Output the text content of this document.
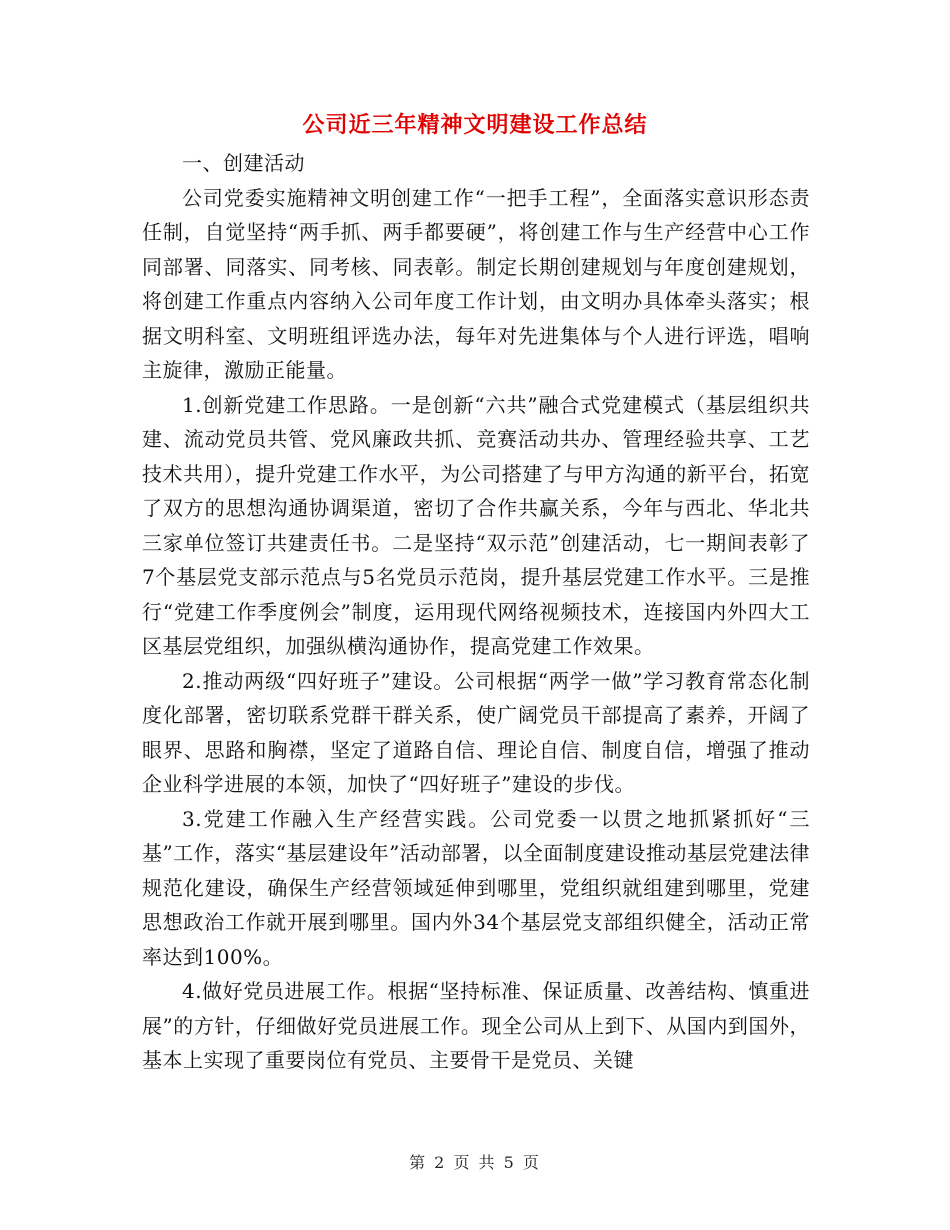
公司近三年精神文明建设工作总结

一、创建活动

公司党委实施精神文明创建工作“一把手工程”，全面落实意识形态责任制，自觉坚持“两手抓、两手都要硬”，将创建工作与生产经营中心工作同部署、同落实、同考核、同表彰。制定长期创建规划与年度创建规划，将创建工作重点内容纳入公司年度工作计划，由文明办具体牵头落实；根据文明科室、文明班组评选办法，每年对先进集体与个人进行评选，唱响主旋律，激励正能量。

1.创新党建工作思路。一是创新“六共”融合式党建模式（基层组织共建、流动党员共管、党风廉政共抓、竞赛活动共办、管理经验共享、工艺技术共用），提升党建工作水平，为公司搭建了与甲方沟通的新平台，拓宽了双方的思想沟通协调渠道，密切了合作共赢关系，今年与西北、华北共三家单位签订共建责任书。二是坚持“双示范”创建活动，七一期间表彰了7个基层党支部示范点与5名党员示范岗，提升基层党建工作水平。三是推行“党建工作季度例会”制度，运用现代网络视频技术，连接国内外四大工区基层党组织，加强纵横沟通协作，提高党建工作效果。

2.推动两级“四好班子”建设。公司根据“两学一做”学习教育常态化制度化部署，密切联系党群干群关系，使广阔党员干部提高了素养，开阔了眼界、思路和胸襟，坚定了道路自信、理论自信、制度自信，增强了推动企业科学进展的本领，加快了“四好班子”建设的步伐。

3.党建工作融入生产经营实践。公司党委一以贯之地抓紧抓好“三基”工作，落实“基层建设年”活动部署，以全面制度建设推动基层党建法律规范化建设，确保生产经营领域延伸到哪里，党组织就组建到哪里，党建思想政治工作就开展到哪里。国内外34个基层党支部组织健全，活动正常率达到100%。

4.做好党员进展工作。根据“坚持标准、保证质量、改善结构、慎重进展”的方针，仔细做好党员进展工作。现全公司从上到下、从国内到国外，基本上实现了重要岗位有党员、主要骨干是党员、关键

第 2 页 共 5 页
